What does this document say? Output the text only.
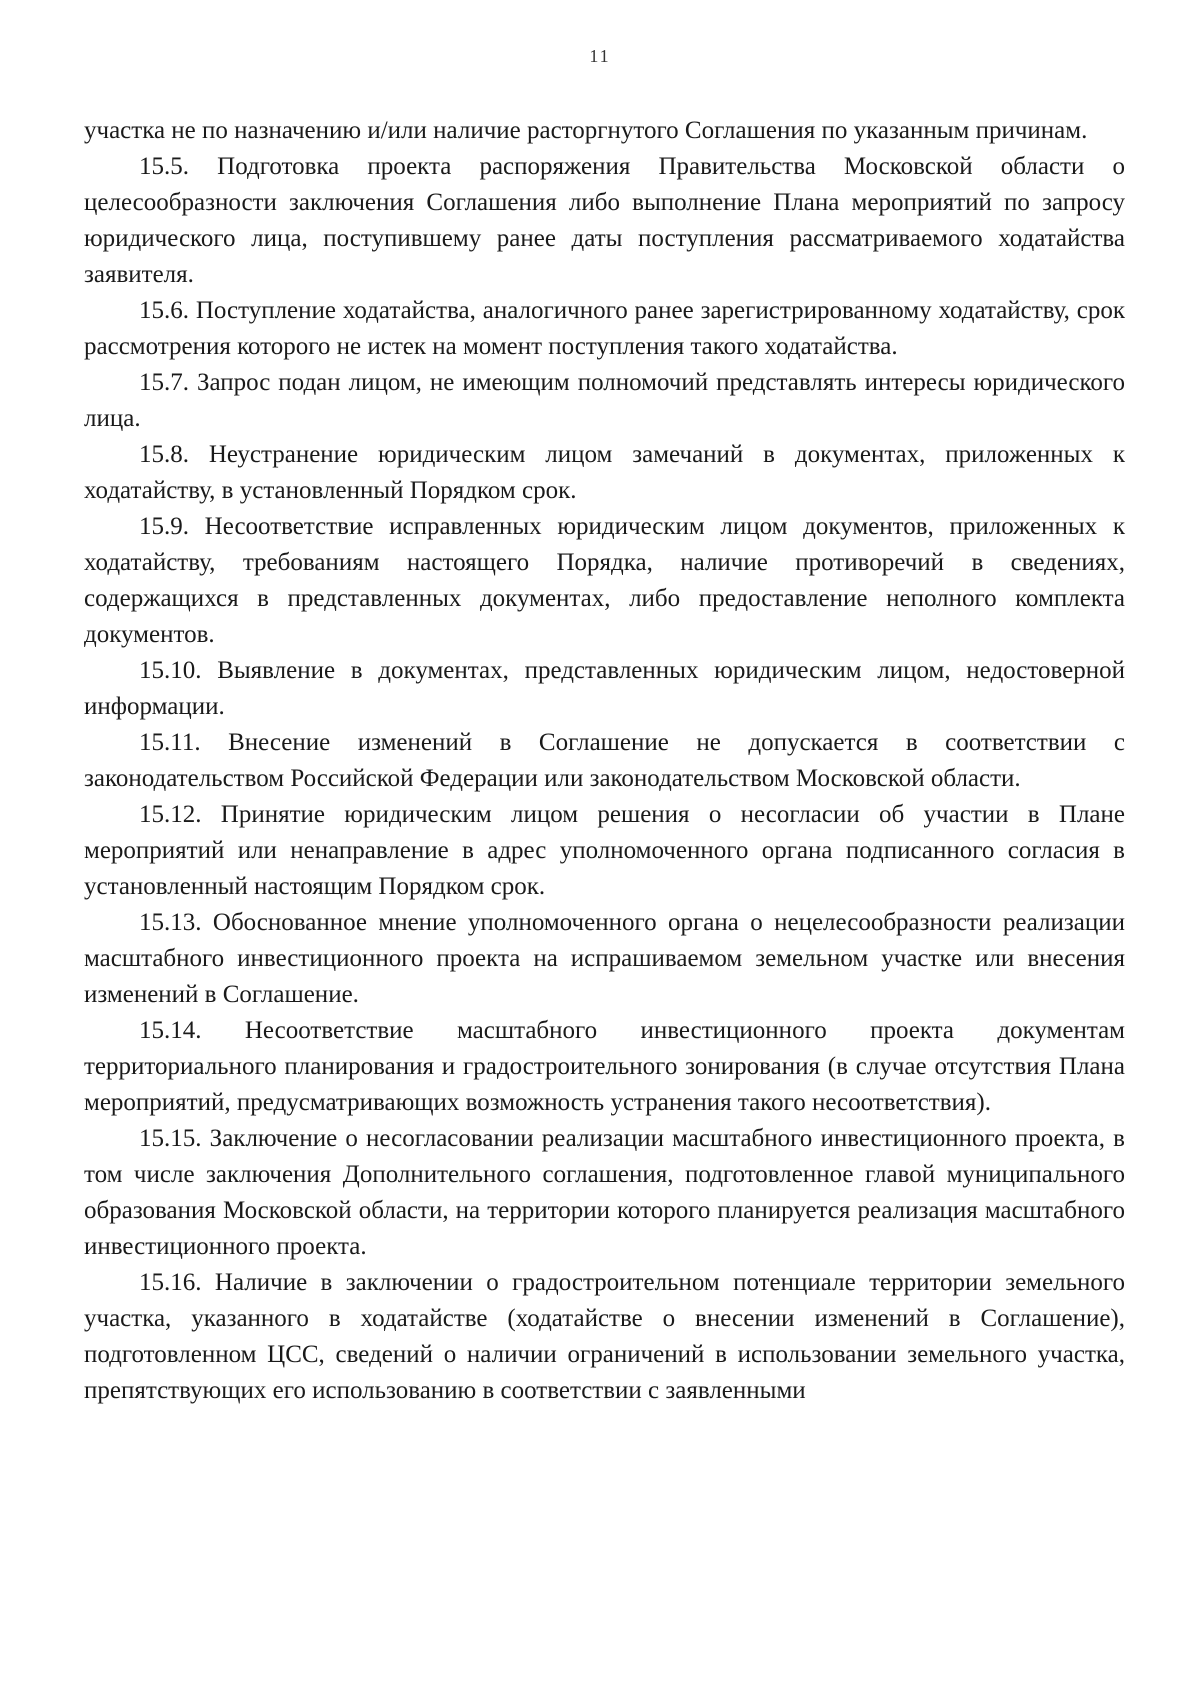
11

участка не по назначению и/или наличие расторгнутого Соглашения по указанным причинам.

15.5. Подготовка проекта распоряжения Правительства Московской области о целесообразности заключения Соглашения либо выполнение Плана мероприятий по запросу юридического лица, поступившему ранее даты поступления рассматриваемого ходатайства заявителя.

15.6. Поступление ходатайства, аналогичного ранее зарегистрированному ходатайству, срок рассмотрения которого не истек на момент поступления такого ходатайства.

15.7. Запрос подан лицом, не имеющим полномочий представлять интересы юридического лица.

15.8. Неустранение юридическим лицом замечаний в документах, приложенных к ходатайству, в установленный Порядком срок.

15.9. Несоответствие исправленных юридическим лицом документов, приложенных к ходатайству, требованиям настоящего Порядка, наличие противоречий в сведениях, содержащихся в представленных документах, либо предоставление неполного комплекта документов.

15.10. Выявление в документах, представленных юридическим лицом, недостоверной информации.

15.11. Внесение изменений в Соглашение не допускается в соответствии с законодательством Российской Федерации или законодательством Московской области.

15.12. Принятие юридическим лицом решения о несогласии об участии в Плане мероприятий или ненаправление в адрес уполномоченного органа подписанного согласия в установленный настоящим Порядком срок.

15.13. Обоснованное мнение уполномоченного органа о нецелесообразности реализации масштабного инвестиционного проекта на испрашиваемом земельном участке или внесения изменений в Соглашение.

15.14. Несоответствие масштабного инвестиционного проекта документам территориального планирования и градостроительного зонирования (в случае отсутствия Плана мероприятий, предусматривающих возможность устранения такого несоответствия).

15.15. Заключение о несогласовании реализации масштабного инвестиционного проекта, в том числе заключения Дополнительного соглашения, подготовленное главой муниципального образования Московской области, на территории которого планируется реализация масштабного инвестиционного проекта.

15.16. Наличие в заключении о градостроительном потенциале территории земельного участка, указанного в ходатайстве (ходатайстве о внесении изменений в Соглашение), подготовленном ЦСС, сведений о наличии ограничений в использовании земельного участка, препятствующих его использованию в соответствии с заявленными
